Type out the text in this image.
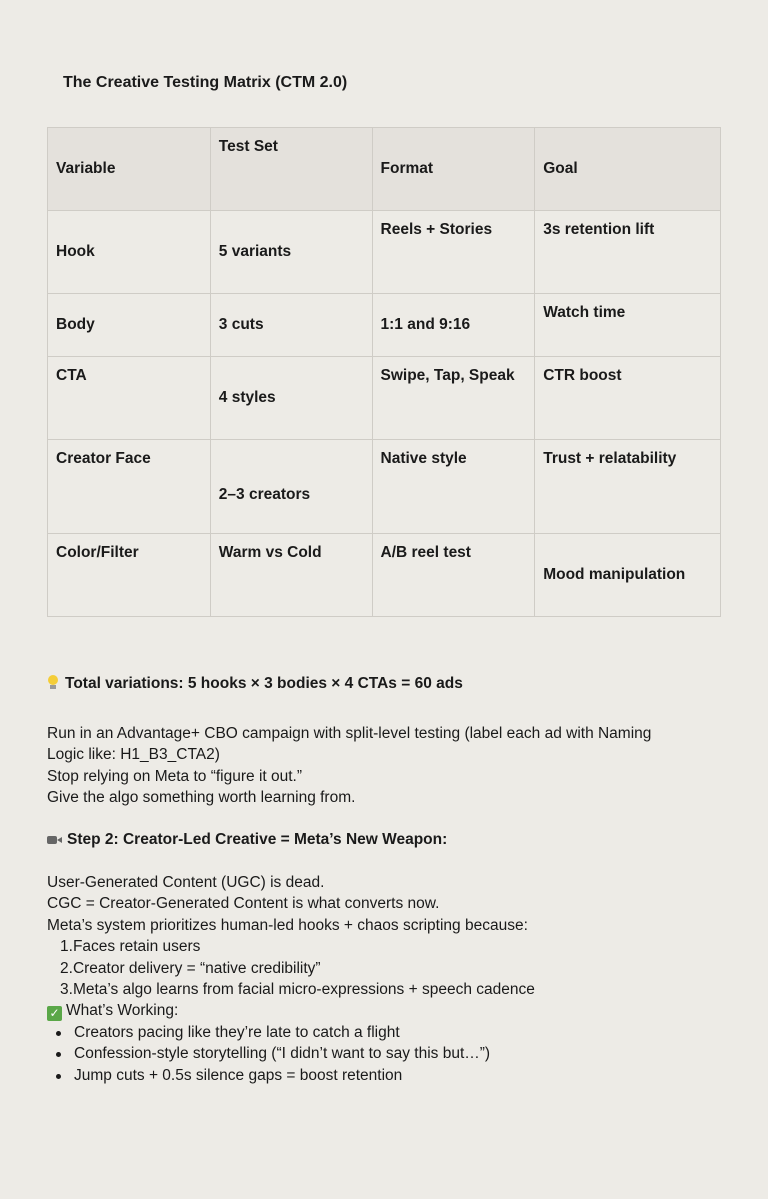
The Creative Testing Matrix (CTM 2.0)
Variable	Test Set	Format	Goal
Hook	5 variants	Reels + Stories	3s retention lift
Body	3 cuts	1:1 and 9:16	Watch time
CTA	4 styles	Swipe, Tap, Speak	CTR boost
Creator Face	2–3 creators	Native style	Trust + relatability
Color/Filter	Warm vs Cold	A/B reel test	Mood manipulation
Total variations: 5 hooks × 3 bodies × 4 CTAs = 60 ads
Run in an Advantage+ CBO campaign with split-level testing (label each ad with Naming
Logic like: H1_B3_CTA2)
Stop relying on Meta to “figure it out.”
Give the algo something worth learning from.
Step 2: Creator-Led Creative = Meta’s New Weapon:
User-Generated Content (UGC) is dead.
CGC = Creator-Generated Content is what converts now.
Meta’s system prioritizes human-led hooks + chaos scripting because:
1.Faces retain users
2.Creator delivery = “native credibility”
3.Meta’s algo learns from facial micro-expressions + speech cadence
✓ What’s Working:
Creators pacing like they’re late to catch a flight
Confession-style storytelling (“I didn’t want to say this but…”)
Jump cuts + 0.5s silence gaps = boost retention
